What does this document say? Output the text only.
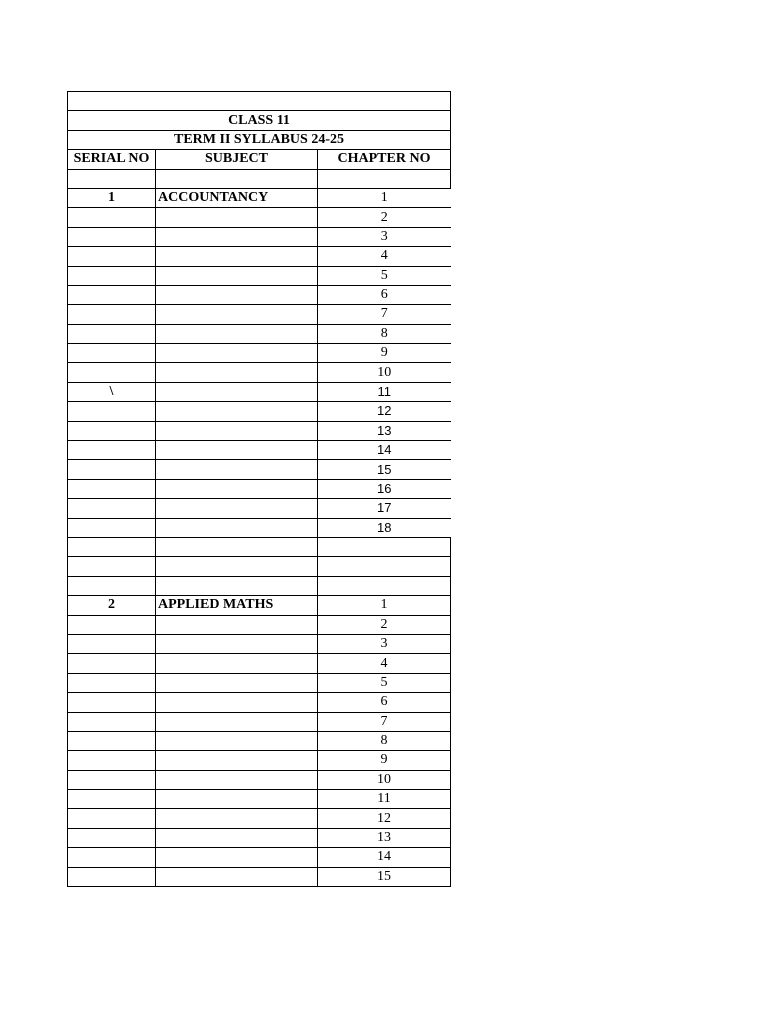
CLASS 11		
TERM II SYLLABUS 24-25		
SERIAL NO	SUBJECT	CHAPTER NO

1	ACCOUNTANCY	1
		2
		3
		4
		5
		6
		7
		8
		9
		10
\		11
		12
		13
		14
		15
		16
		17
		18

2	APPLIED MATHS	1
		2
		3
		4
		5
		6
		7
		8
		9
		10
		11
		12
		13
		14
		15
